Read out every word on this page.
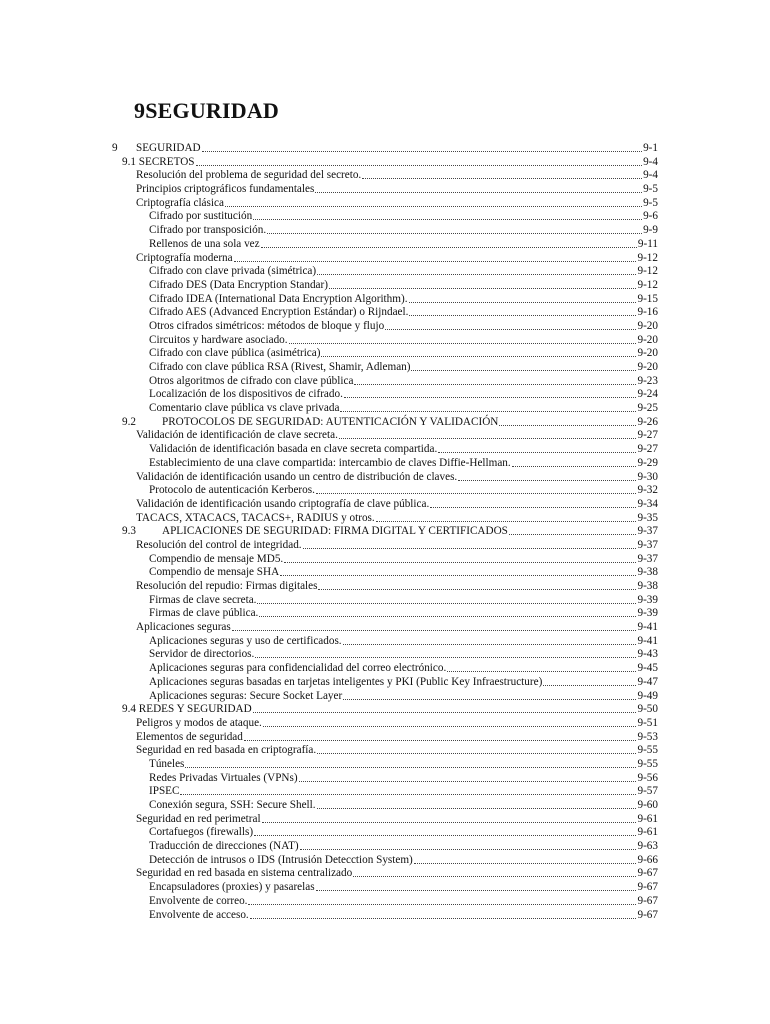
9SEGURIDAD
9 SEGURIDAD	9-1
9.1 SECRETOS	9-4
Resolución del problema de seguridad del secreto.	9-4
Principios criptográficos fundamentales	9-5
Criptografía clásica	9-5
Cifrado por sustitución	9-6
Cifrado por transposición.	9-9
Rellenos de una sola vez	9-11
Criptografía moderna	9-12
Cifrado con clave privada (simétrica)	9-12
Cifrado DES (Data Encryption Standar)	9-12
Cifrado IDEA (International Data Encryption Algorithm).	9-15
Cifrado AES (Advanced Encryption Estándar) o Rijndael.	9-16
Otros cifrados simétricos: métodos de bloque y flujo	9-20
Circuitos y hardware asociado.	9-20
Cifrado con clave pública (asimétrica)	9-20
Cifrado con clave pública RSA (Rivest, Shamir, Adleman)	9-20
Otros algoritmos de cifrado con clave pública	9-23
Localización de los dispositivos de cifrado.	9-24
Comentario clave pública vs clave privada	9-25
9.2 PROTOCOLOS DE SEGURIDAD: AUTENTICACIÓN Y VALIDACIÓN	9-26
Validación de identificación de clave secreta.	9-27
Validación de identificación basada en clave secreta compartida.	9-27
Establecimiento de una clave compartida: intercambio de claves Diffie-Hellman.	9-29
Validación de identificación usando un centro de distribución de claves.	9-30
Protocolo de autenticación Kerberos.	9-32
Validación de identificación usando criptografía de clave pública.	9-34
TACACS, XTACACS, TACACS+, RADIUS y otros.	9-35
9.3 APLICACIONES DE SEGURIDAD: FIRMA DIGITAL Y CERTIFICADOS	9-37
Resolución del control de integridad.	9-37
Compendio de mensaje MD5.	9-37
Compendio de mensaje SHA	9-38
Resolución del repudio: Firmas digitales	9-38
Firmas de clave secreta.	9-39
Firmas de clave pública.	9-39
Aplicaciones seguras	9-41
Aplicaciones seguras y uso de certificados.	9-41
Servidor de directorios.	9-43
Aplicaciones seguras para confidencialidad del correo electrónico.	9-45
Aplicaciones seguras basadas en tarjetas inteligentes y PKI (Public Key Infraestructure)	9-47
Aplicaciones seguras: Secure Socket Layer	9-49
9.4 REDES Y SEGURIDAD	9-50
Peligros y modos de ataque.	9-51
Elementos de seguridad	9-53
Seguridad en red basada en criptografía.	9-55
Túneles	9-55
Redes Privadas Virtuales (VPNs)	9-56
IPSEC	9-57
Conexión segura, SSH: Secure Shell.	9-60
Seguridad en red perimetral	9-61
Cortafuegos (firewalls)	9-61
Traducción de direcciones (NAT)	9-63
Detección de intrusos o IDS (Intrusión Detecction System)	9-66
Seguridad en red basada en sistema centralizado	9-67
Encapsuladores (proxies) y pasarelas	9-67
Envolvente de correo.	9-67
Envolvente de acceso.	9-67
